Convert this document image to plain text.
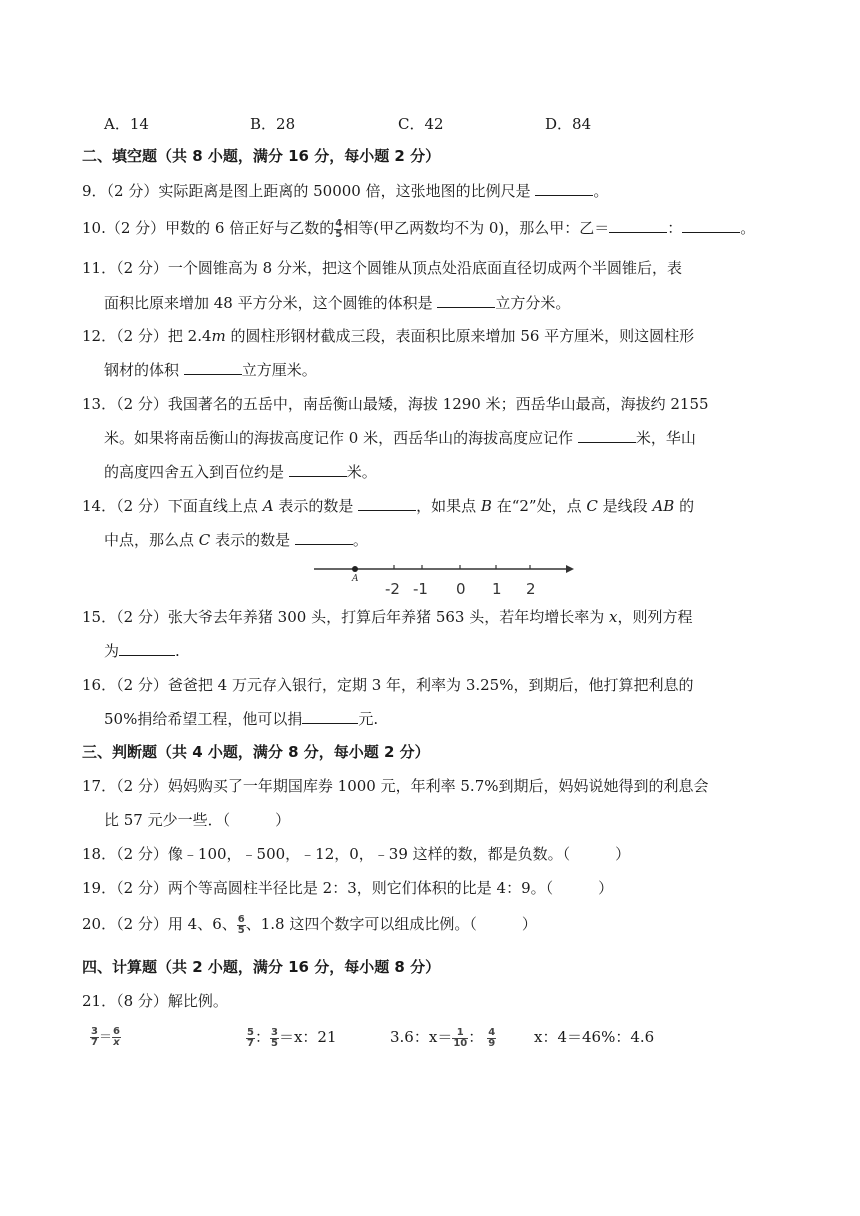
A．14	B．28	C．42	D．84
二、填空题（共 8 小题，满分 16 分，每小题 2 分）
9．（2 分）实际距离是图上距离的 50000 倍，这张地图的比例尺是	。
10.（2 分）甲数的 6 倍正好与乙数的 $\frac{4}{5}$ 相等(甲乙两数均不为 0)，那么甲：乙＝	：	。
11．（2 分）一个圆锥高为 8 分米，把这个圆锥从顶点处沿底面直径切成两个半圆锥后，表
面积比原来增加 48 平方分米，这个圆锥的体积是	立方分米。
12．（2 分）把 2.4m 的圆柱形钢材截成三段，表面积比原来增加 56 平方厘米，则这圆柱形
钢材的体积	立方厘米。
13．（2 分）我国著名的五岳中，南岳衡山最矮，海拔 1290 米；西岳华山最高，海拔约 2155
米。如果将南岳衡山的海拔高度记作 0 米，西岳华山的海拔高度应记作	米，华山
的高度四舍五入到百位约是	米。
14．（2 分）下面直线上点 A 表示的数是	，如果点 B 在“2”处，点 C 是线段 AB 的
中点，那么点 C 表示的数是	。
A
-2 -1 0 1 2
15．（2 分）张大爷去年养猪 300 头，打算后年养猪 563 头，若年均增长率为 x，则列方程
为	.
16．（2 分）爸爸把 4 万元存入银行，定期 3 年，利率为 3.25%，到期后，他打算把利息的
50%捐给希望工程，他可以捐	元.
三、判断题（共 4 小题，满分 8 分，每小题 2 分）
17．（2 分）妈妈购买了一年期国库券 1000 元，年利率 5.7%到期后，妈妈说她得到的利息会
比 57 元少一些．（　　　）
18．（2 分）像﹣100，﹣500，﹣12，0，﹣39 这样的数，都是负数。（　　　）
19．（2 分）两个等高圆柱半径比是 2：3，则它们体积的比是 4：9。（　　　）
20．（2 分）用 4、6、 $\frac{6}{5}$ 、1.8 这四个数字可以组成比例。（　　　）
四、计算题（共 2 小题，满分 16 分，每小题 8 分）
21．（8 分）解比例。
$\frac{3}{7} = \frac{6}{x}$	$\frac{5}{7}$ ： $\frac{3}{5} =x$：21	3.6：$x= \frac{1}{10}$ ： $\frac{4}{9}$	x：4＝46%：4.6
